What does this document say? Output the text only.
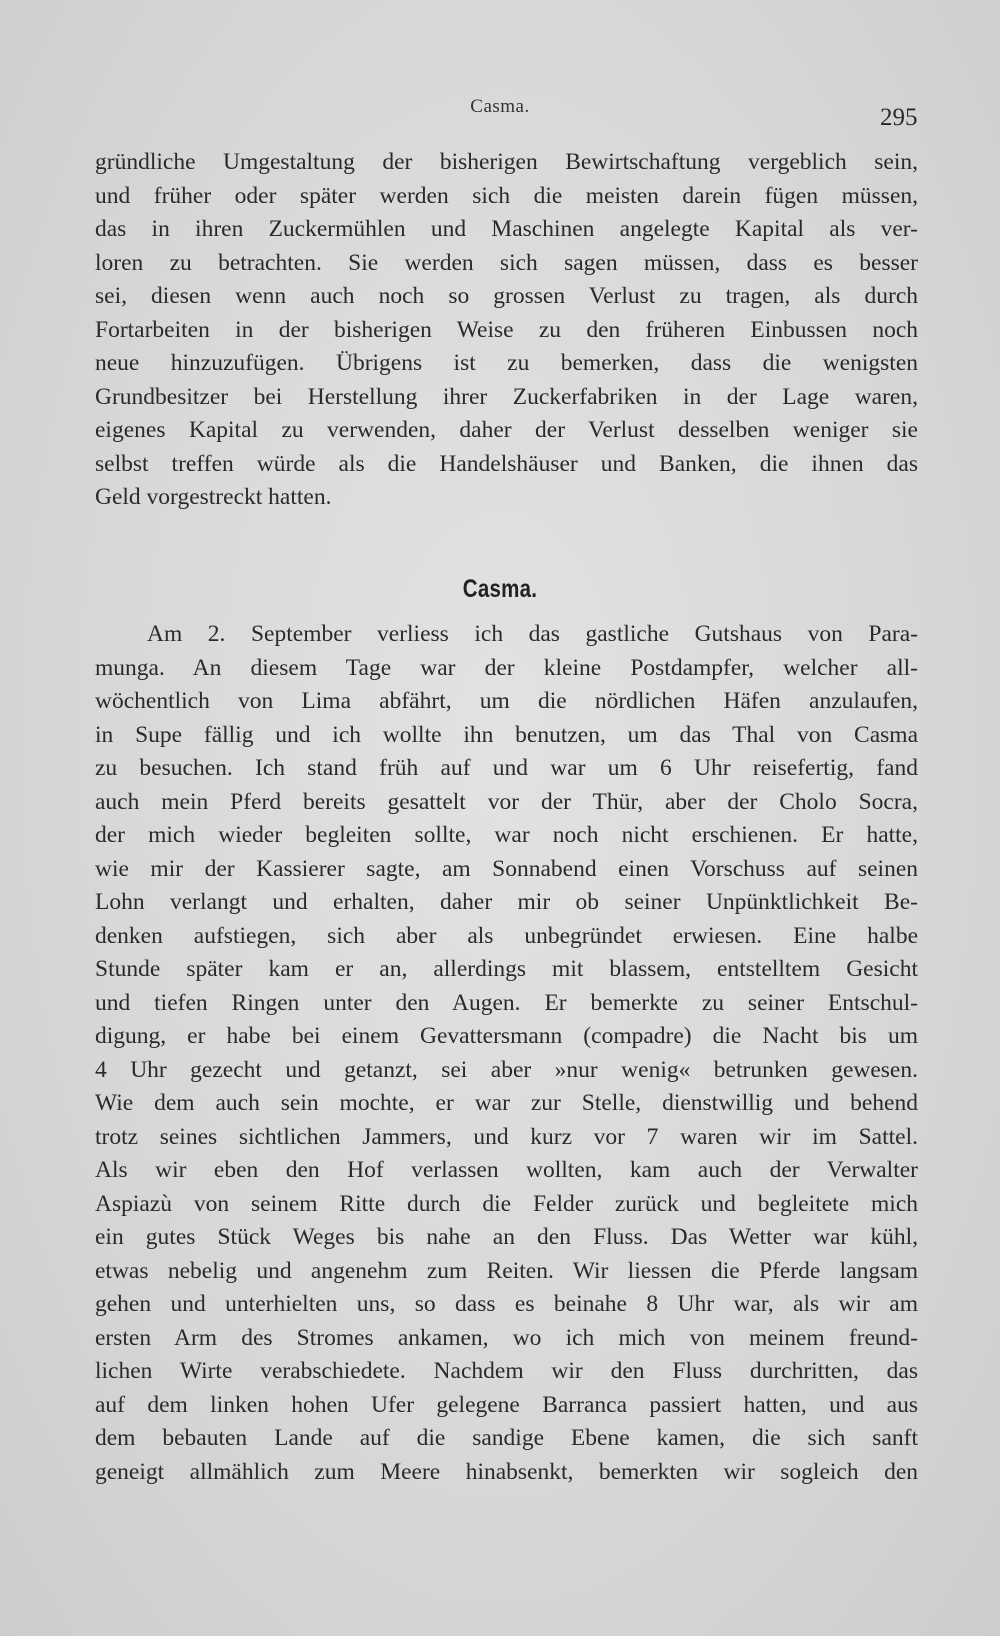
Casma.	295
gründliche Umgestaltung der bisherigen Bewirtschaftung vergeblich sein,
und früher oder später werden sich die meisten darein fügen müssen,
das in ihren Zuckermühlen und Maschinen angelegte Kapital als ver-
loren zu betrachten. Sie werden sich sagen müssen, dass es besser
sei, diesen wenn auch noch so grossen Verlust zu tragen, als durch
Fortarbeiten in der bisherigen Weise zu den früheren Einbussen noch
neue hinzuzufügen. Übrigens ist zu bemerken, dass die wenigsten
Grundbesitzer bei Herstellung ihrer Zuckerfabriken in der Lage waren,
eigenes Kapital zu verwenden, daher der Verlust desselben weniger sie
selbst treffen würde als die Handelshäuser und Banken, die ihnen das
Geld vorgestreckt hatten.
Casma.
Am 2. September verliess ich das gastliche Gutshaus von Para-
munga. An diesem Tage war der kleine Postdampfer, welcher all-
wöchentlich von Lima abfährt, um die nördlichen Häfen anzulaufen,
in Supe fällig und ich wollte ihn benutzen, um das Thal von Casma
zu besuchen. Ich stand früh auf und war um 6 Uhr reisefertig, fand
auch mein Pferd bereits gesattelt vor der Thür, aber der Cholo Socra,
der mich wieder begleiten sollte, war noch nicht erschienen. Er hatte,
wie mir der Kassierer sagte, am Sonnabend einen Vorschuss auf seinen
Lohn verlangt und erhalten, daher mir ob seiner Unpünktlichkeit Be-
denken aufstiegen, sich aber als unbegründet erwiesen. Eine halbe
Stunde später kam er an, allerdings mit blassem, entstelltem Gesicht
und tiefen Ringen unter den Augen. Er bemerkte zu seiner Entschul-
digung, er habe bei einem Gevattersmann (compadre) die Nacht bis um
4 Uhr gezecht und getanzt, sei aber »nur wenig« betrunken gewesen.
Wie dem auch sein mochte, er war zur Stelle, dienstwillig und behend
trotz seines sichtlichen Jammers, und kurz vor 7 waren wir im Sattel.
Als wir eben den Hof verlassen wollten, kam auch der Verwalter
Aspiazù von seinem Ritte durch die Felder zurück und begleitete mich
ein gutes Stück Weges bis nahe an den Fluss. Das Wetter war kühl,
etwas nebelig und angenehm zum Reiten. Wir liessen die Pferde langsam
gehen und unterhielten uns, so dass es beinahe 8 Uhr war, als wir am
ersten Arm des Stromes ankamen, wo ich mich von meinem freund-
lichen Wirte verabschiedete. Nachdem wir den Fluss durchritten, das
auf dem linken hohen Ufer gelegene Barranca passiert hatten, und aus
dem bebauten Lande auf die sandige Ebene kamen, die sich sanft
geneigt allmählich zum Meere hinabsenkt, bemerkten wir sogleich den
